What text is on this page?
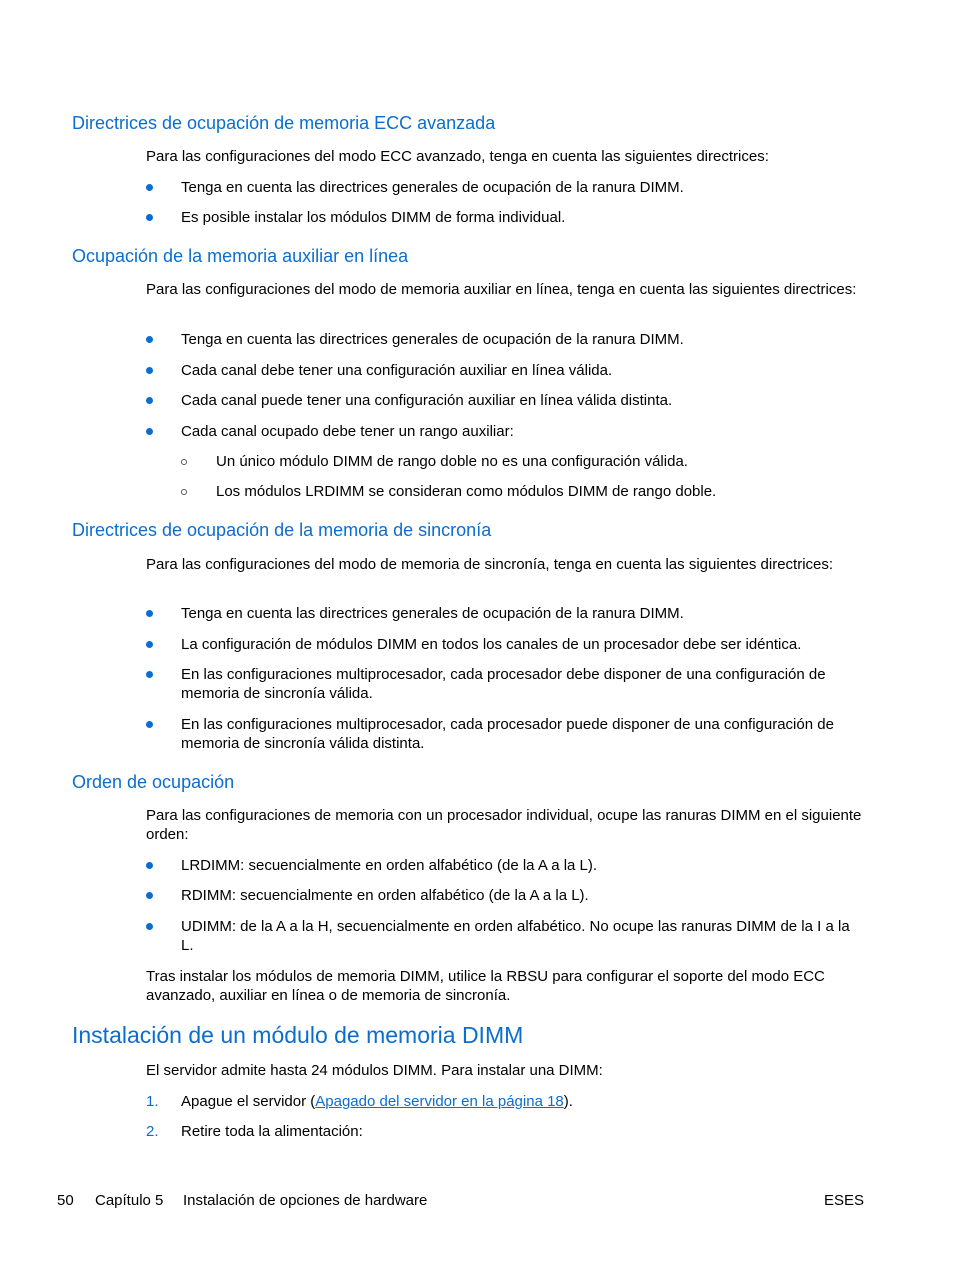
Directrices de ocupación de memoria ECC avanzada

Para las configuraciones del modo ECC avanzado, tenga en cuenta las siguientes directrices:

Tenga en cuenta las directrices generales de ocupación de la ranura DIMM.
Es posible instalar los módulos DIMM de forma individual.
Ocupación de la memoria auxiliar en línea

Para las configuraciones del modo de memoria auxiliar en línea, tenga en cuenta las siguientes directrices:

Tenga en cuenta las directrices generales de ocupación de la ranura DIMM.
Cada canal debe tener una configuración auxiliar en línea válida.
Cada canal puede tener una configuración auxiliar en línea válida distinta.
Cada canal ocupado debe tener un rango auxiliar:
Un único módulo DIMM de rango doble no es una configuración válida.
Los módulos LRDIMM se consideran como módulos DIMM de rango doble.
Directrices de ocupación de la memoria de sincronía

Para las configuraciones del modo de memoria de sincronía, tenga en cuenta las siguientes directrices:

Tenga en cuenta las directrices generales de ocupación de la ranura DIMM.
La configuración de módulos DIMM en todos los canales de un procesador debe ser idéntica.
En las configuraciones multiprocesador, cada procesador debe disponer de una configuración de memoria de sincronía válida.
En las configuraciones multiprocesador, cada procesador puede disponer de una configuración de memoria de sincronía válida distinta.
Orden de ocupación

Para las configuraciones de memoria con un procesador individual, ocupe las ranuras DIMM en el siguiente orden:

LRDIMM: secuencialmente en orden alfabético (de la A a la L).
RDIMM: secuencialmente en orden alfabético (de la A a la L).
UDIMM: de la A a la H, secuencialmente en orden alfabético. No ocupe las ranuras DIMM de la I a la L.

Tras instalar los módulos de memoria DIMM, utilice la RBSU para configurar el soporte del modo ECC avanzado, auxiliar en línea o de memoria de sincronía.

Instalación de un módulo de memoria DIMM

El servidor admite hasta 24 módulos DIMM. Para instalar una DIMM:

1. Apague el servidor (Apagado del servidor en la página 18).
2. Retire toda la alimentación:
50 Capítulo 5 Instalación de opciones de hardware	ESES
